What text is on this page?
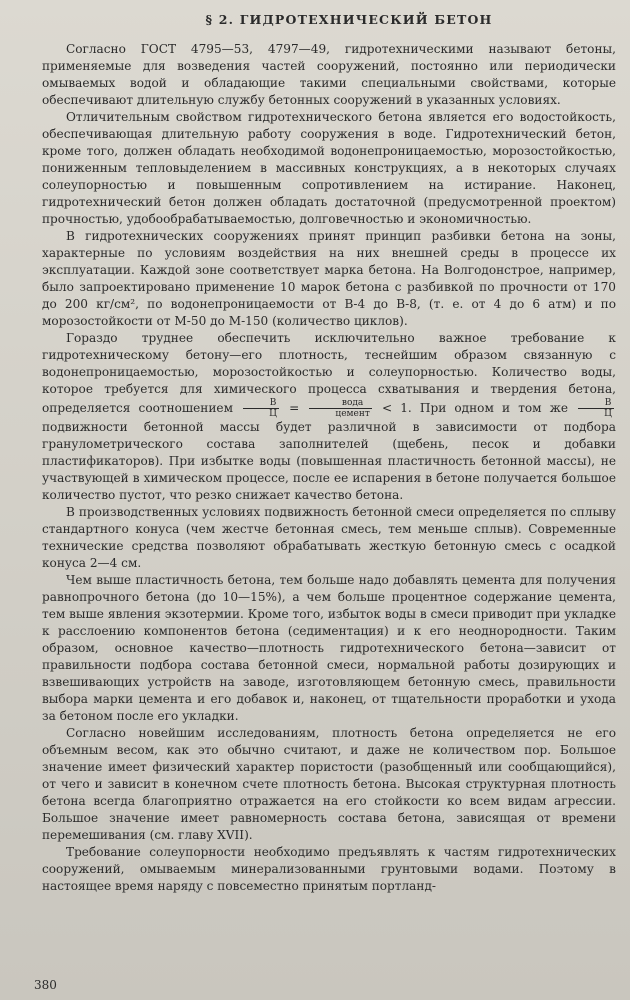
§ 2. ГИДРОТЕХНИЧЕСКИЙ БЕТОН

Согласно ГОСТ 4795—53, 4797—49, гидротехническими называют бетоны, применяемые для возведения частей сооружений, постоянно или периодически омываемых водой и обладающие такими специальными свойствами, которые обеспечивают длительную службу бетонных сооружений в указанных условиях.

Отличительным свойством гидротехнического бетона является его водостойкость, обеспечивающая длительную работу сооружения в воде. Гидротехнический бетон, кроме того, должен обладать необходимой водонепроницаемостью, морозостойкостью, пониженным тепловыделением в массивных конструкциях, а в некоторых случаях солеупорностью и повышенным сопротивлением на истирание. Наконец, гидротехнический бетон должен обладать достаточной (предусмотренной проектом) прочностью, удобообрабатываемостью, долговечностью и экономичностью.

В гидротехнических сооружениях принят принцип разбивки бетона на зоны, характерные по условиям воздействия на них внешней среды в процессе их эксплуатации. Каждой зоне соответствует марка бетона. На Волгодонстрое, например, было запроектировано применение 10 марок бетона с разбивкой по прочности от 170 до 200 кг/см², по водонепроницаемости от В-4 до В-8, (т. е. от 4 до 6 атм) и по морозостойкости от М-50 до М-150 (количество циклов).

Гораздо труднее обеспечить исключительно важное требование к гидротехническому бетону—его плотность, теснейшим образом связанную с водонепроницаемостью, морозостойкостью и солеупорностью. Количество воды, которое требуется для химического процесса схватывания и твердения бетона, определяется соотношением $\frac{В}{Ц} = \frac{\text{вода}}{\text{цемент}} < 1$. При одном и том же $\frac{В}{Ц}$
подвижности бетонной массы будет различной в зависимости от подбора гранулометрического состава заполнителей (щебень, песок и добавки пластификаторов). При избытке воды (повышенная пластичность бетонной массы), не участвующей в химическом процессе, после ее испарения в бетоне получается большое количество пустот, что резко снижает качество бетона.

В производственных условиях подвижность бетонной смеси определяется по сплыву стандартного конуса (чем жестче бетонная смесь, тем меньше сплыв). Современные технические средства позволяют обрабатывать жесткую бетонную смесь с осадкой конуса 2—4 см.

Чем выше пластичность бетона, тем больше надо добавлять цемента для получения равнопрочного бетона (до 10—15%), а чем больше процентное содержание цемента, тем выше явления экзотермии. Кроме того, избыток воды в смеси приводит при укладке к расслоению компонентов бетона (седиментация) и к его неоднородности. Таким образом, основное качество—плотность гидротехнического бетона—зависит от правильности подбора состава бетонной смеси, нормальной работы дозирующих и взвешивающих устройств на заводе, изготовляющем бетонную смесь, правильности выбора марки цемента и его добавок и, наконец, от тщательности проработки и ухода за бетоном после его укладки.

Согласно новейшим исследованиям, плотность бетона определяется не его объемным весом, как это обычно считают, и даже не количеством пор. Большое значение имеет физический характер пористости (разобщенный или сообщающийся), от чего и зависит в конечном счете плотность бетона. Высокая структурная плотность бетона всегда благоприятно отражается на его стойкости ко всем видам агрессии. Большое значение имеет равномерность состава бетона, зависящая от времени перемешивания (см. главу XVII).

Требование солеупорности необходимо предъявлять к частям гидротехнических сооружений, омываемым минерализованными грунтовыми водами. Поэтому в настоящее время наряду с повсеместно принятым портланд-

380
